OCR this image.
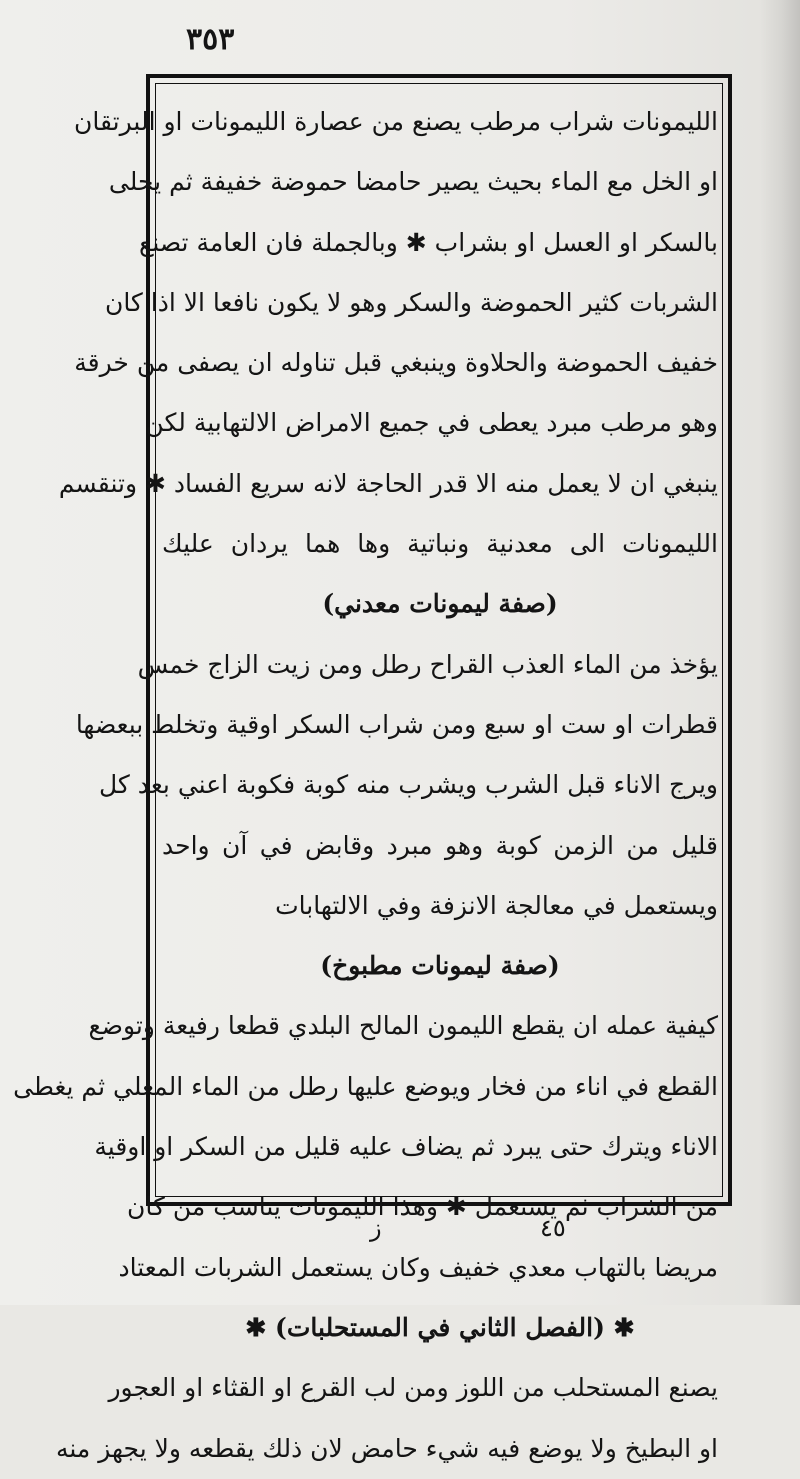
٣٥٣
الليمونات شراب مرطب يصنع من عصارة الليمونات او البرتقان
او الخل مع الماء بحيث يصير حامضا حموضة خفيفة ثم يحلى
بالسكر او العسل او بشراب ✱ وبالجملة فان العامة تصنع
الشربات كثير الحموضة والسكر وهو لا يكون نافعا الا اذا كان
خفيف الحموضة والحلاوة وينبغي قبل تناوله ان يصفى من خرقة
وهو مرطب مبرد يعطى في جميع الامراض الالتهابية لكن
ينبغي ان لا يعمل منه الا قدر الحاجة لانه سريع الفساد ✱ وتنقسم
الليمونات الى معدنية ونباتية وها هما يردان عليك
(صفة ليمونات معدني)
يؤخذ من الماء العذب القراح رطل ومن زيت الزاج خمس
قطرات او ست او سبع ومن شراب السكر اوقية وتخلط ببعضها
ويرج الاناء قبل الشرب ويشرب منه كوبة فكوبة اعني بعد كل
قليل من الزمن كوبة وهو مبرد وقابض في آن واحد
ويستعمل في معالجة الانزفة وفي الالتهابات
(صفة ليمونات مطبوخ)
كيفية عمله ان يقطع الليمون المالح البلدي قطعا رفيعة وتوضع
القطع في اناء من فخار ويوضع عليها رطل من الماء المغلي ثم يغطى
الاناء ويترك حتى يبرد ثم يضاف عليه قليل من السكر او اوقية
من الشراب ثم يستعمل ✱ وهذا الليمونات يناسب من كان
مريضا بالتهاب معدي خفيف وكان يستعمل الشربات المعتاد
✱ (الفصل الثاني في المستحلبات) ✱
يصنع المستحلب من اللوز ومن لب القرع او القثاء او العجور
او البطيخ ولا يوضع فيه شيء حامض لان ذلك يقطعه ولا يجهز منه
ز	٤٥
